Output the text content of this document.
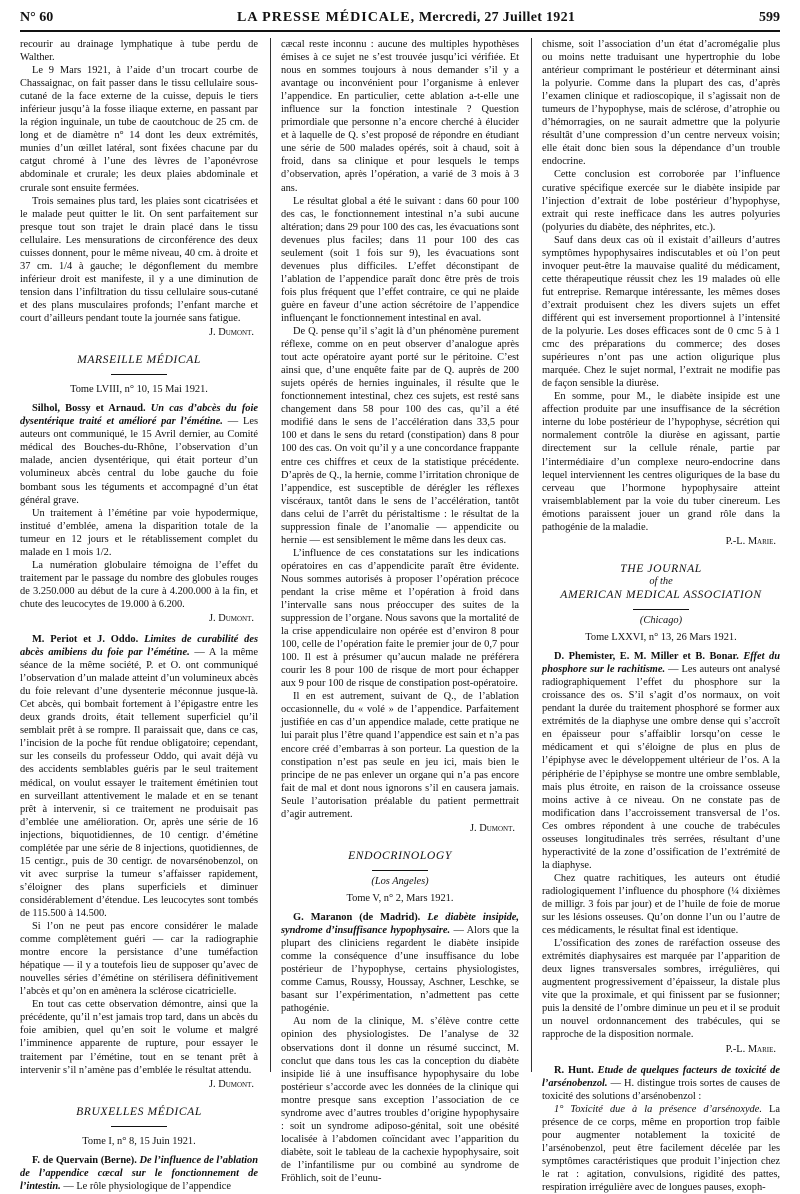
N° 60	LA PRESSE MÉDICALE, Mercredi, 27 Juillet 1921	599

recourir au drainage lymphatique à tube perdu de Walther.

Le 9 Mars 1921, à l’aide d’un trocart courbe de Chassaignac, on fait passer dans le tissu cellulaire sous-cutané de la face externe de la cuisse, depuis le tiers inférieur jusqu’à la fosse iliaque externe, en passant par la région inguinale, un tube de caoutchouc de 25 cm. de long et de diamètre n° 14 dont les deux extrémités, munies d’un œillet latéral, sont fixées chacune par du catgut chromé à l’une des lèvres de l’aponévrose abdominale et crurale; les deux plaies abdominale et crurale sont ensuite fermées.

Trois semaines plus tard, les plaies sont cicatrisées et le malade peut quitter le lit. On sent parfaitement sur presque tout son trajet le drain placé dans le tissu cellulaire. Les mensurations de circonférence des deux cuisses donnent, pour le même niveau, 40 cm. à droite et 37 cm. 1/4 à gauche; le dégonflement du membre inférieur droit est manifeste, il y a une diminution de tension dans l’infiltration du tissu cellulaire sous-cutané et des plans musculaires profonds; l’enfant marche et court d’ailleurs pendant toute la journée sans fatigue.

J. Dumont.

MARSEILLE MÉDICAL

Tome LVIII, n° 10, 15 Mai 1921.

Silhol, Bossy et Arnaud. Un cas d’abcès du foie dysentérique traité et amélioré par l’émétine. — Les auteurs ont communiqué, le 15 Avril dernier, au Comité médical des Bouches-du-Rhône, l’observation d’un malade, ancien dysentérique, qui était porteur d’un volumineux abcès central du lobe gauche du foie bombant sous les téguments et accompagné d’un état général grave.

Un traitement à l’émétine par voie hypodermique, institué d’emblée, amena la disparition totale de la tumeur en 12 jours et le rétablissement complet du malade en 1 mois 1/2.

La numération globulaire témoigna de l’effet du traitement par le passage du nombre des globules rouges de 3.250.000 au début de la cure à 4.200.000 à la fin, et chute des leucocytes de 19.000 à 6.200.

J. Dumont.

M. Periot et J. Oddo. Limites de curabilité des abcès amibiens du foie par l’émétine. — A la même séance de la même société, P. et O. ont communiqué l’observation d’un malade atteint d’un volumineux abcès du foie relevant d’une dysenterie méconnue jusque-là. Cet abcès, qui bombait fortement à l’épigastre entre les deux grands droits, était tellement superficiel qu’il semblait prêt à se rompre. Il paraissait que, dans ce cas, l’incision de la poche fût rendue obligatoire; cependant, sur les conseils du professeur Oddo, qui avait déjà vu des accidents semblables guéris par le seul traitement médical, on voulut essayer le traitement émétinien tout en surveillant attentivement le malade et en se tenant prêt à intervenir, si ce traitement ne produisait pas d’emblée une amélioration. Or, après une série de 16 injections, biquotidiennes, de 10 centigr. d’émétine complétée par une série de 8 injections, quotidiennes, de 15 centigr., puis de 30 centigr. de novarsénobenzol, on vit avec surprise la tumeur s’affaisser rapidement, s’éloigner des plans superficiels et diminuer considérablement d’étendue. Les leucocytes sont tombés de 115.500 à 14.500.

Si l’on ne peut pas encore considérer le malade comme complètement guéri — car la radiographie montre encore la persistance d’une tuméfaction hépatique — il y a toutefois lieu de supposer qu’avec de nouvelles séries d’émétine on stérilisera définitivement l’abcès et qu’on en amènera la sclérose cicatricielle.

En tout cas cette observation démontre, ainsi que la précédente, qu’il n’est jamais trop tard, dans un abcès du foie amibien, quel qu’en soit le volume et malgré l’imminence apparente de rupture, pour essayer le traitement par l’émétine, tout en se tenant prêt à intervenir s’il n’amène pas d’emblée le résultat attendu.

J. Dumont.

BRUXELLES MÉDICAL

Tome I, n° 8, 15 Juin 1921.

F. de Quervain (Berne). De l’influence de l’ablation de l’appendice cæcal sur le fonctionnement de l’intestin. — Le rôle physiologique de l’appendice

cæcal reste inconnu : aucune des multiples hypothèses émises à ce sujet ne s’est trouvée jusqu’ici vérifiée. Et nous en sommes toujours à nous demander s’il y a avantage ou inconvénient pour l’organisme à enlever l’appendice. En particulier, cette ablation a-t-elle une influence sur la fonction intestinale ? Question primordiale que personne n’a encore cherché à élucider et à laquelle de Q. s’est proposé de répondre en étudiant une série de 500 malades opérés, soit à chaud, soit à froid, dans sa clinique et pour lesquels le temps d’observation, après l’opération, a varié de 3 mois à 3 ans.

Le résultat global a été le suivant : dans 60 pour 100 des cas, le fonctionnement intestinal n’a subi aucune altération; dans 29 pour 100 des cas, les évacuations sont devenues plus faciles; dans 11 pour 100 des cas seulement (soit 1 fois sur 9), les évacuations sont devenues plus difficiles. L’effet déconstipant de l’ablation de l’appendice paraît donc être près de trois fois plus fréquent que l’effet contraire, ce qui ne plaide guère en faveur d’une action sécrétoire de l’appendice influençant le fonctionnement intestinal en aval.

De Q. pense qu’il s’agit là d’un phénomène purement réflexe, comme on en peut observer d’analogue après tout acte opératoire ayant porté sur le péritoine. C’est ainsi que, d’une enquête faite par de Q. auprès de 200 sujets opérés de hernies inguinales, il résulte que le fonctionnement intestinal, chez ces sujets, est resté sans changement dans 58 pour 100 des cas, qu’il a été modifié dans le sens de l’accélération dans 33,5 pour 100 et dans le sens du retard (constipation) dans 8 pour 100 des cas. On voit qu’il y a une concordance frappante entre ces chiffres et ceux de la statistique précédente. D’après de Q., la hernie, comme l’irritation chronique de l’appendice, est susceptible de dérégler les réflexes viscéraux, tantôt dans le sens de l’accélération, tantôt dans celui de l’arrêt du péristaltisme : le résultat de la suppression finale de l’anomalie — appendicite ou hernie — est sensiblement le même dans les deux cas.

L’influence de ces constatations sur les indications opératoires en cas d’appendicite paraît être évidente. Nous sommes autorisés à proposer l’opération précoce pendant la crise même et l’opération à froid dans l’intervalle sans nous préoccuper des suites de la suppression de l’organe. Nous savons que la mortalité de la crise appendiculaire non opérée est d’environ 8 pour 100, celle de l’opération faite le premier jour de 0,7 pour 100. Il est à présumer qu’aucun malade ne préférera courir les 8 pour 100 de risque de mort pour échapper aux 9 pour 100 de risque de constipation post-opératoire.

Il en est autrement, suivant de Q., de l’ablation occasionnelle, du « volé » de l’appendice. Parfaitement justifiée en cas d’un appendice malade, cette pratique ne lui parait plus l’être quand l’appendice est sain et n’a pas encore créé d’embarras à son porteur. La question de la constipation n’est pas seule en jeu ici, mais bien le principe de ne pas enlever un organe qui n’a pas encore fait de mal et dont nous ignorons s’il en causera jamais. Seule l’autorisation préalable du patient permettrait d’agir autrement.

J. Dumont.

ENDOCRINOLOGY

(Los Angeles)

Tome V, n° 2, Mars 1921.

G. Maranon (de Madrid). Le diabète insipide, syndrome d’insuffisance hypophysaire. — Alors que la plupart des cliniciens regardent le diabète insipide comme la conséquence d’une insuffisance du lobe postérieur de l’hypophyse, certains physiologistes, comme Camus, Roussy, Houssay, Aschner, Leschke, se basant sur l’expérimentation, n’admettent pas cette pathogénie.

Au nom de la clinique, M. s’élève contre cette opinion des physiologistes. De l’analyse de 32 observations dont il donne un résumé succinct, M. conclut que dans tous les cas la conception du diabète insipide lié à une insuffisance hypophysaire du lobe postérieur s’accorde avec les données de la clinique qui montre presque sans exception l’association de ce syndrome avec d’autres troubles d’origine hypophysaire : soit un syndrome adiposo-génital, soit une obésité localisée à l’abdomen coïncidant avec l’apparition du diabète, soit le tableau de la cachexie hypophysaire, soit de l’infantilisme pur ou combiné au syndrome de Fröhlich, soit de l’eunu-

chisme, soit l’association d’un état d’acromégalie plus ou moins nette traduisant une hypertrophie du lobe antérieur comprimant le postérieur et déterminant ainsi la polyurie. Comme dans la plupart des cas, d’après l’examen clinique et radioscopique, il s’agissait non de tumeurs de l’hypophyse, mais de sclérose, d’atrophie ou d’hémorragies, on ne saurait admettre que la polyurie résultât d’une compression d’un centre nerveux voisin; elle était donc bien sous la dépendance d’un trouble endocrine.

Cette conclusion est corroborée par l’influence curative spécifique exercée sur le diabète insipide par l’injection d’extrait de lobe postérieur d’hypophyse, extrait qui reste inefficace dans les autres polyuries (polyuries du diabète, des néphrites, etc.).

Sauf dans deux cas où il existait d’ailleurs d’autres symptômes hypophysaires indiscutables et où l’on peut invoquer peut-être la mauvaise qualité du médicament, cette thérapeutique réussit chez les 19 malades où elle fut entreprise. Remarque intéressante, les mêmes doses d’extrait produisent chez les divers sujets un effet différent qui est inversement proportionnel à l’intensité de la polyurie. Les doses efficaces sont de 0 cmc 5 à 1 cmc des préparations du commerce; des doses supérieures n’ont pas une action oligurique plus marquée. Chez le sujet normal, l’extrait ne modifie pas de façon sensible la diurèse.

En somme, pour M., le diabète insipide est une affection produite par une insuffisance de la sécrétion interne du lobe postérieur de l’hypophyse, sécrétion qui normalement contrôle la diurèse en agissant, partie directement sur la cellule rénale, partie par l’intermédiaire d’un complexe neuro-endocrine dans lequel interviennent les centres oliguriques de la base du cerveau que l’hormone hypophysaire atteint vraisemblablement par la voie du tuber cinereum. Les émotions paraissent jouer un grand rôle dans la pathogénie de la maladie.

P.-L. Marie.

THE JOURNAL

of the

AMERICAN MEDICAL ASSOCIATION

(Chicago)

Tome LXXVI, n° 13, 26 Mars 1921.

D. Phemister, E. M. Miller et B. Bonar. Effet du phosphore sur le rachitisme. — Les auteurs ont analysé radiographiquement l’effet du phosphore sur la croissance des os. S’il s’agit d’os normaux, on voit pendant la durée du traitement phosphoré se former aux extrémités de la diaphyse une ombre dense qui s’accroît en épaisseur pour s’affaiblir lorsqu’on cesse le médicament et qui s’éloigne de plus en plus de l’épiphyse avec le développement ultérieur de l’os. A la périphérie de l’épiphyse se montre une ombre semblable, mais plus étroite, en raison de la croissance osseuse moins active à ce niveau. On ne constate pas de modification dans l’accroissement transversal de l’os. Ces ombres répondent à une couche de trabécules osseuses longitudinales très serrées, résultant d’une hyperactivité de la zone d’ossification de l’extrémité de la diaphyse.

Chez quatre rachitiques, les auteurs ont étudié radiologiquement l’influence du phosphore (¼ dixièmes de milligr. 3 fois par jour) et de l’huile de foie de morue sur les lésions osseuses. Qu’on donne l’un ou l’autre de ces médicaments, le résultat final est identique.

L’ossification des zones de raréfaction osseuse des extrémités diaphysaires est marquée par l’apparition de deux lignes transversales sombres, irrégulières, qui augmentent progressivement d’épaisseur, la distale plus vite que la proximale, et qui finissent par se fusionner; puis la densité de l’ombre diminue un peu et il se produit un nouvel ordonnancement des trabécules, qui se rapproche de la disposition normale.

P.-L. Marie.

R. Hunt. Etude de quelques facteurs de toxicité de l’arsénobenzol. — H. distingue trois sortes de causes de toxicité des solutions d’arsénobenzol :

1° Toxicité due à la présence d’arsénoxyde. La présence de ce corps, même en proportion trop faible pour augmenter notablement la toxicité de l’arsénobenzol, peut être facilement décelée par les symptômes caractéristiques que produit l’injection chez le rat : agitation, convulsions, rigidité des pattes, respiration irrégulière avec de longues pauses, exoph-
